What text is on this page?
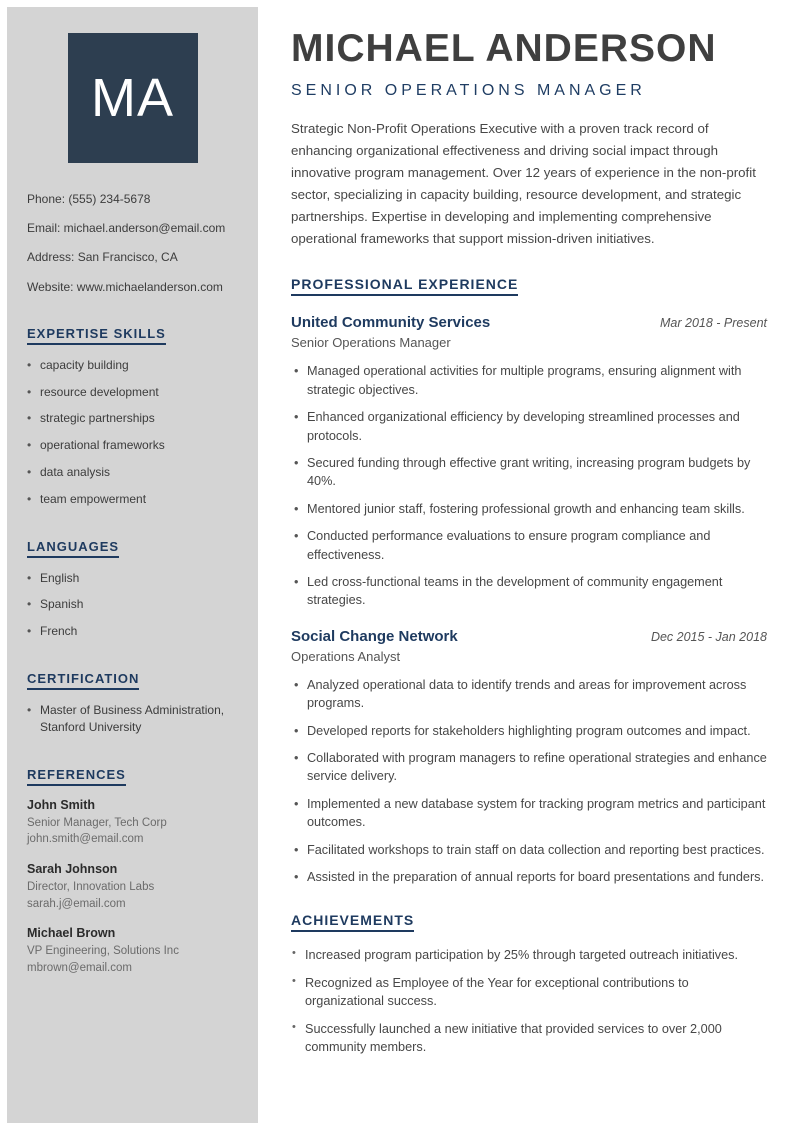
MA
Phone: (555) 234-5678
Email: michael.anderson@email.com
Address: San Francisco, CA
Website: www.michaelanderson.com
EXPERTISE SKILLS
• capacity building
• resource development
• strategic partnerships
• operational frameworks
• data analysis
• team empowerment
LANGUAGES
• English
• Spanish
• French
CERTIFICATION
• Master of Business Administration, Stanford University
REFERENCES
John Smith
Senior Manager, Tech Corp
john.smith@email.com
Sarah Johnson
Director, Innovation Labs
sarah.j@email.com
Michael Brown
VP Engineering, Solutions Inc
mbrown@email.com
MICHAEL ANDERSON
SENIOR OPERATIONS MANAGER

Strategic Non-Profit Operations Executive with a proven track record of enhancing organizational effectiveness and driving social impact through innovative program management. Over 12 years of experience in the non-profit sector, specializing in capacity building, resource development, and strategic partnerships. Expertise in developing and implementing comprehensive operational frameworks that support mission-driven initiatives.

PROFESSIONAL EXPERIENCE
United Community Services	Mar 2018 - Present
Senior Operations Manager
• Managed operational activities for multiple programs, ensuring alignment with strategic objectives.
• Enhanced organizational efficiency by developing streamlined processes and protocols.
• Secured funding through effective grant writing, increasing program budgets by 40%.
• Mentored junior staff, fostering professional growth and enhancing team skills.
• Conducted performance evaluations to ensure program compliance and effectiveness.
• Led cross-functional teams in the development of community engagement strategies.
Social Change Network	Dec 2015 - Jan 2018
Operations Analyst
• Analyzed operational data to identify trends and areas for improvement across programs.
• Developed reports for stakeholders highlighting program outcomes and impact.
• Collaborated with program managers to refine operational strategies and enhance service delivery.
• Implemented a new database system for tracking program metrics and participant outcomes.
• Facilitated workshops to train staff on data collection and reporting best practices.
• Assisted in the preparation of annual reports for board presentations and funders.
ACHIEVEMENTS
• Increased program participation by 25% through targeted outreach initiatives.
• Recognized as Employee of the Year for exceptional contributions to organizational success.
• Successfully launched a new initiative that provided services to over 2,000 community members.
